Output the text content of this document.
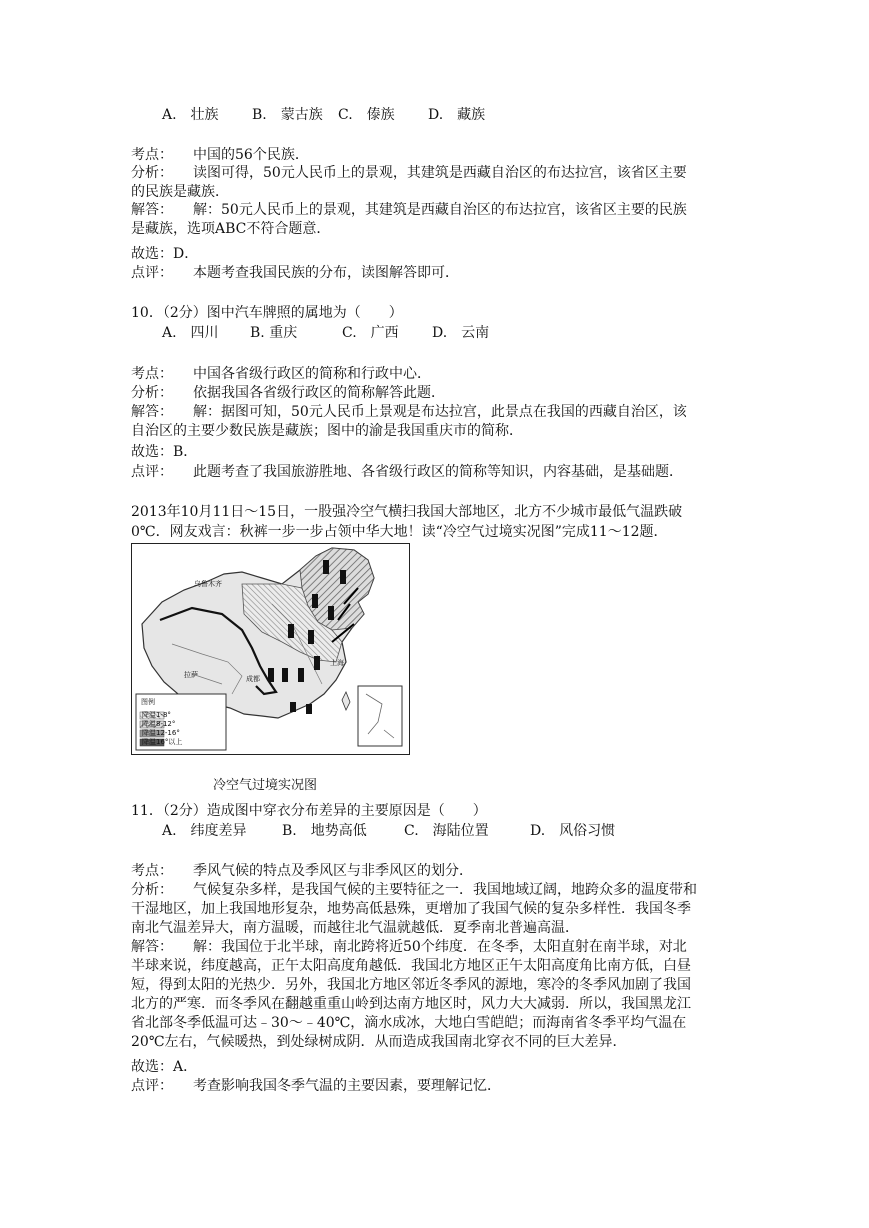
A.　壮族 B.　蒙古族 C.　傣族 D.　藏族
考点： 中国的56个民族．
分析： 读图可得，50元人民币上的景观，其建筑是西藏自治区的布达拉宫，该省区主要
的民族是藏族．
解答： 解：50元人民币上的景观，其建筑是西藏自治区的布达拉宫，该省区主要的民族
是藏族，选项ABC不符合题意．
故选：D．
点评： 本题考查我国民族的分布，读图解答即可．
10．（2分）图中汽车牌照的属地为（　　）
A.　四川 B. 重庆	C.　广西 D.　云南
考点： 中国各省级行政区的简称和行政中心．
分析： 依据我国各省级行政区的简称解答此题．
解答： 解：据图可知，50元人民币上景观是布达拉宫，此景点在我国的西藏自治区，该
自治区的主要少数民族是藏族；图中的渝是我国重庆市的简称．
故选：B．
点评： 此题考查了我国旅游胜地、各省级行政区的简称等知识，内容基础，是基础题．
2013年10月11日～15日，一股强冷空气横扫我国大部地区，北方不少城市最低气温跌破
0℃．网友戏言：秋裤一步一步占领中华大地！读“冷空气过境实况图”完成11～12题．
乌鲁木齐
拉萨	成都
上海
图例
降温1-8°
降温8-12°
降温12-16°
降温16°以上
冷空气过境实况图
11．（2分）造成图中穿衣分布差异的主要原因是（　　）
A.　纬度差异	B.　地势高低	C.　海陆位置	D.　风俗习惯
考点： 季风气候的特点及季风区与非季风区的划分．
分析： 气候复杂多样，是我国气候的主要特征之一．我国地域辽阔，地跨众多的温度带和
干湿地区，加上我国地形复杂，地势高低悬殊，更增加了我国气候的复杂多样性．我国冬季
南北气温差异大，南方温暖，而越往北气温就越低．夏季南北普遍高温．
解答： 解：我国位于北半球，南北跨将近50个纬度．在冬季，太阳直射在南半球，对北
半球来说，纬度越高，正午太阳高度角越低．我国北方地区正午太阳高度角比南方低，白昼
短，得到太阳的光热少．另外，我国北方地区邻近冬季风的源地，寒冷的冬季风加剧了我国
北方的严寒．而冬季风在翻越重重山岭到达南方地区时，风力大大减弱．所以，我国黑龙江
省北部冬季低温可达﹣30～﹣40℃，滴水成冰，大地白雪皑皑；而海南省冬季平均气温在
20℃左右，气候暖热，到处绿树成阴．从而造成我国南北穿衣不同的巨大差异．
故选：A．
点评： 考查影响我国冬季气温的主要因素，要理解记忆．
